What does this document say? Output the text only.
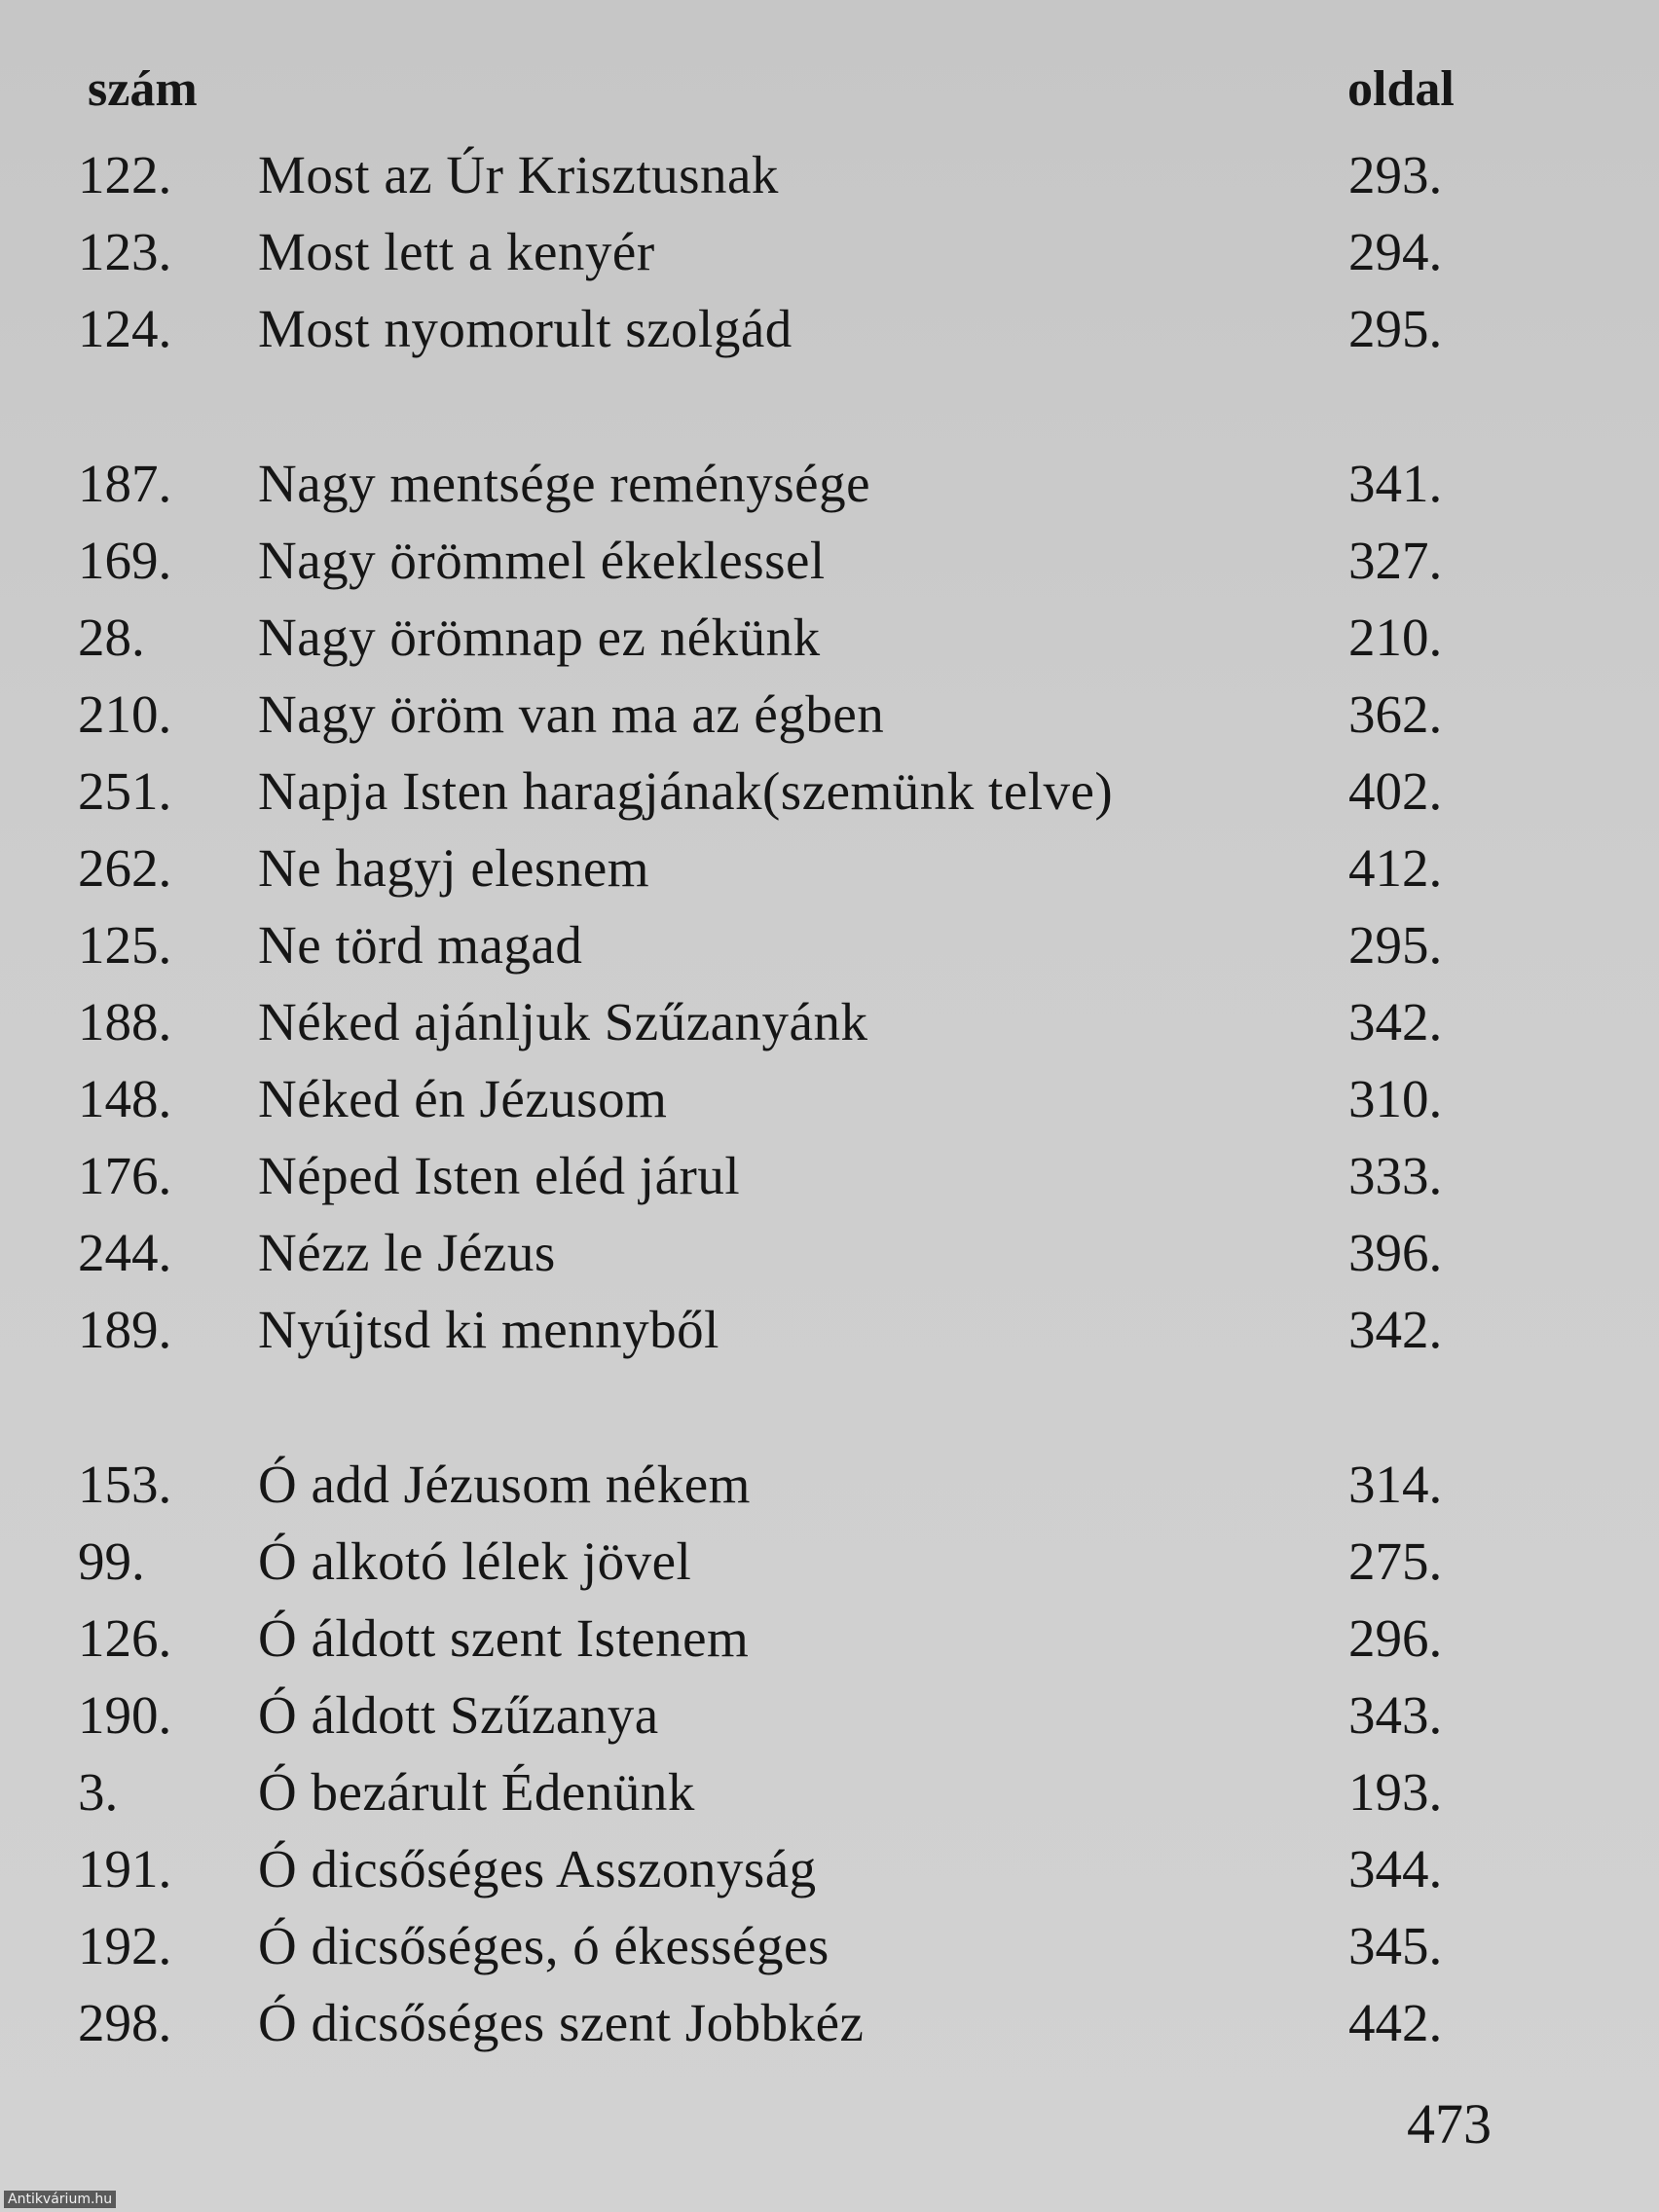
szám	oldal
122. Most az Úr Krisztusnak	293.
123. Most lett a kenyér	294.
124. Most nyomorult szolgád	295.
187. Nagy mentsége reménysége	341.
169. Nagy örömmel ékeklessel	327.
28. Nagy örömnap ez nékünk	210.
210. Nagy öröm van ma az égben	362.
251. Napja Isten haragjának(szemünk telve)	402.
262. Ne hagyj elesnem	412.
125. Ne törd magad	295.
188. Néked ajánljuk Szűzanyánk	342.
148. Néked én Jézusom	310.
176. Néped Isten eléd járul	333.
244. Nézz le Jézus	396.
189. Nyújtsd ki mennyből	342.
153. Ó add Jézusom nékem	314.
99. Ó alkotó lélek jövel	275.
126. Ó áldott szent Istenem	296.
190. Ó áldott Szűzanya	343.
3.	Ó bezárult Édenünk	193.
191. Ó dicsőséges Asszonyság	344.
192. Ó dicsőséges, ó ékességes	345.
298. Ó dicsőséges szent Jobbkéz	442.
473
Antikvárium.hu
